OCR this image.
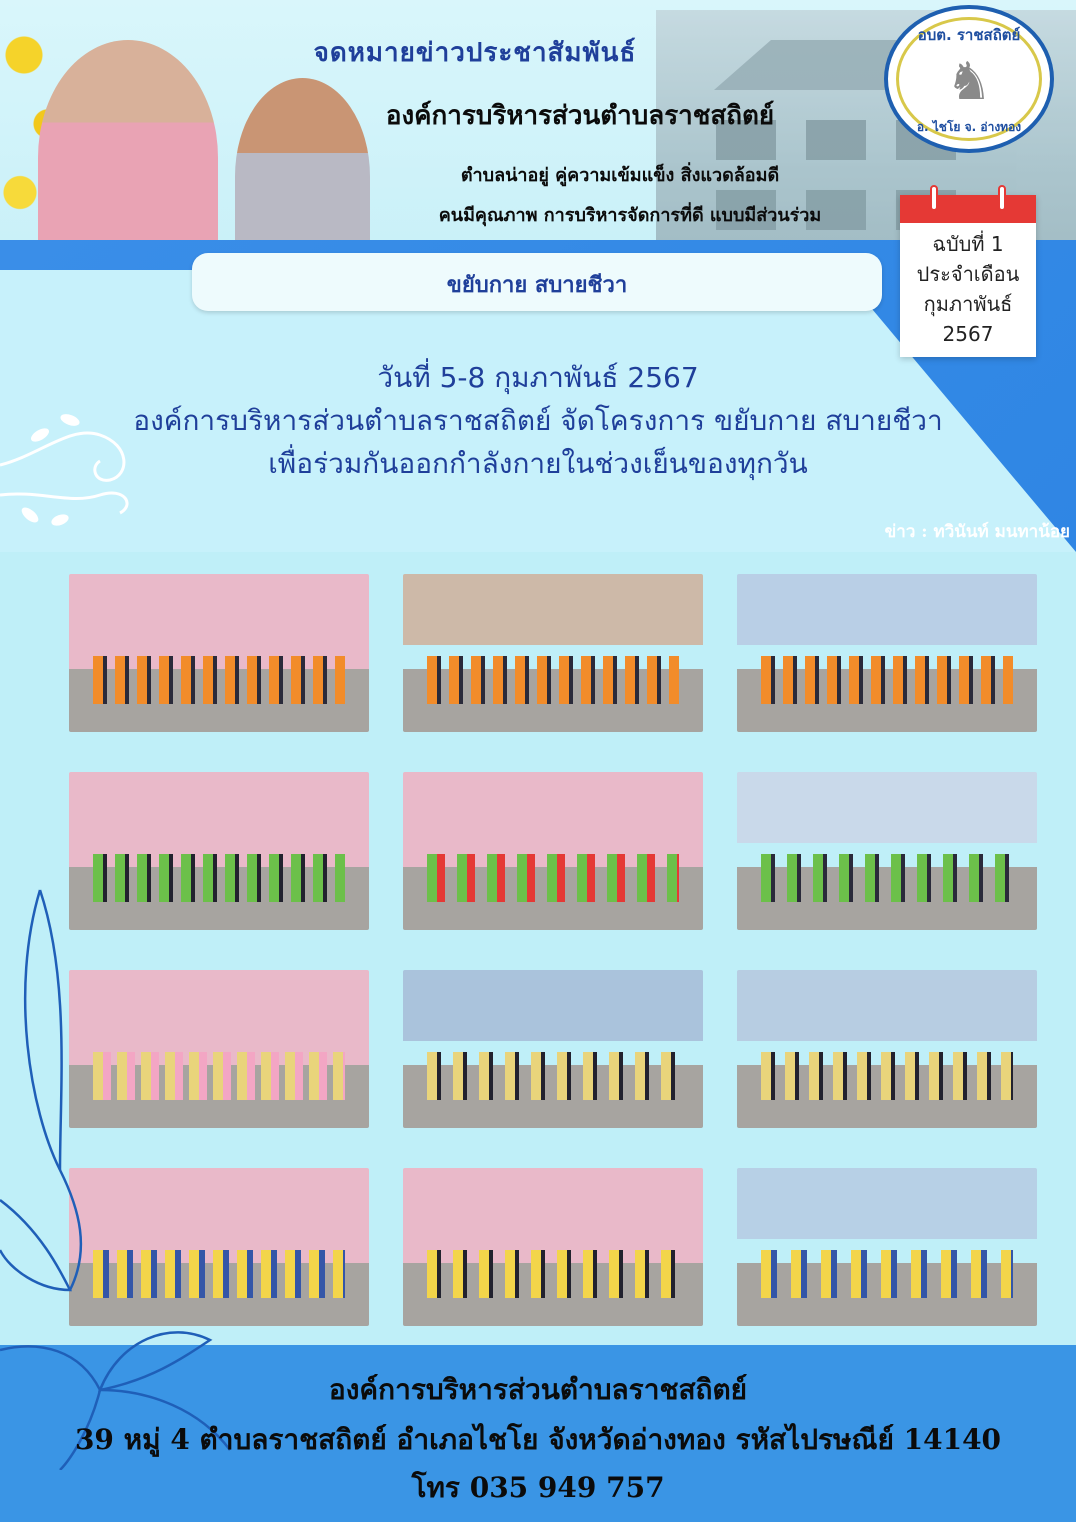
จดหมายข่าวประชาสัมพันธ์
องค์การบริหารส่วนตำบลราชสถิตย์
ตำบลน่าอยู่ คู่ความเข้มแข็ง สิ่งแวดล้อมดี
คนมีคุณภาพ การบริหารจัดการที่ดี แบบมีส่วนร่วม
อบต. ราชสถิตย์
♞
อ. ไชโย จ. อ่างทอง
ขยับกาย สบายชีวา
ฉบับที่ 1
ประจำเดือน
กุมภาพันธ์
2567
วันที่ 5-8 กุมภาพันธ์ 2567
องค์การบริหารส่วนตำบลราชสถิตย์ จัดโครงการ ขยับกาย สบายชีวา
เพื่อร่วมกันออกกำลังกายในช่วงเย็นของทุกวัน
ข่าว : ทวินันท์ มนทาน้อย
องค์การบริหารส่วนตำบลราชสถิตย์
39 หมู่ 4 ตำบลราชสถิตย์ อำเภอไชโย จังหวัดอ่างทอง รหัสไปรษณีย์ 14140
โทร 035 949 757
